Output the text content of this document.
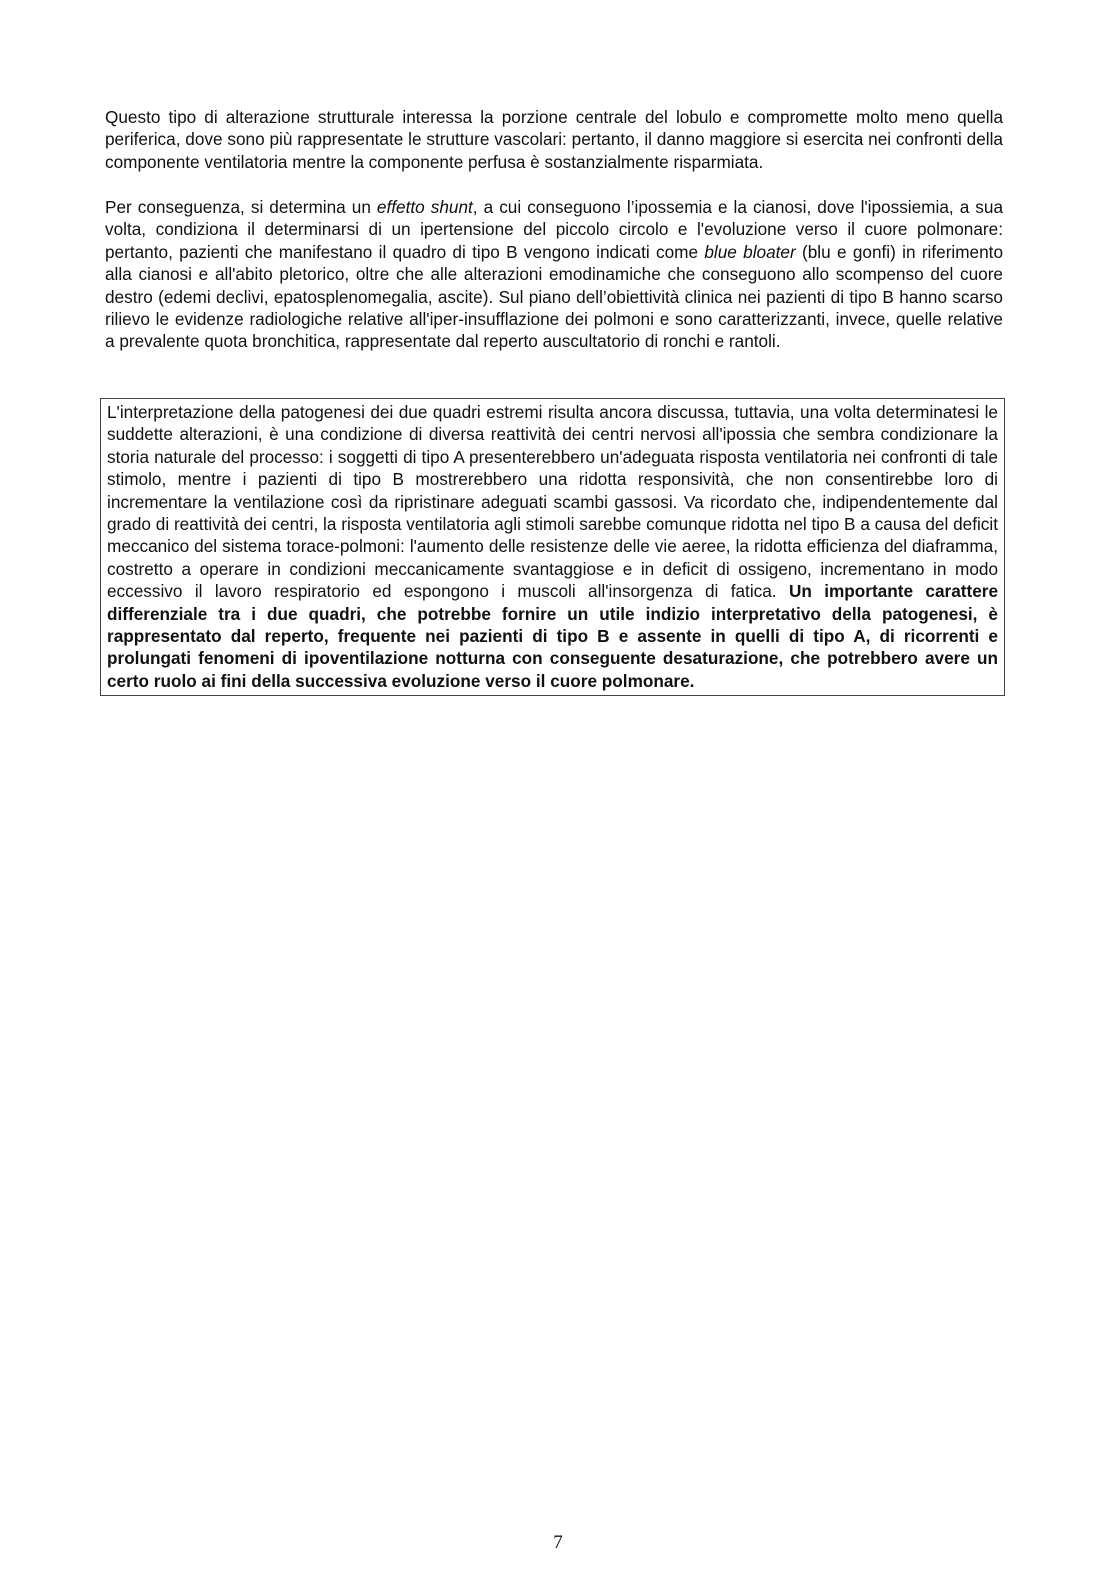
Questo tipo di alterazione strutturale interessa la porzione centrale del lobulo e compromette molto meno quella periferica, dove sono più rappresentate le strutture vascolari: pertanto, il danno maggiore si esercita nei confronti della componente ventilatoria mentre la componente perfusa è sostanzialmente risparmiata.

Per conseguenza, si determina un effetto shunt, a cui conseguono l’ipossemia e la cianosi, dove l'ipossiemia, a sua volta, condiziona il determinarsi di un ipertensione del piccolo circolo e l'evoluzione verso il cuore polmonare: pertanto, pazienti che manifestano il quadro di tipo B vengono indicati come blue bloater (blu e gonfi) in riferimento alla cianosi e all'abito pletorico, oltre che alle alterazioni emodinamiche che conseguono allo scompenso del cuore destro (edemi declivi, epatosplenomegalia, ascite). Sul piano dell’obiettività clinica nei pazienti di tipo B hanno scarso rilievo le evidenze radiologiche relative all'iper-insufflazione dei polmoni e sono caratterizzanti, invece, quelle relative a prevalente quota bronchitica, rappresentate dal reperto auscultatorio di ronchi e rantoli.

L'interpretazione della patogenesi dei due quadri estremi risulta ancora discussa, tuttavia, una volta determinatesi le suddette alterazioni, è una condizione di diversa reattività dei centri nervosi all'ipossia che sembra condizionare la storia naturale del processo: i soggetti di tipo A presenterebbero un'adeguata risposta ventilatoria nei confronti di tale stimolo, mentre i pazienti di tipo B mostrerebbero una ridotta responsività, che non consentirebbe loro di incrementare la ventilazione così da ripristinare adeguati scambi gassosi. Va ricordato che, indipendentemente dal grado di reattività dei centri, la risposta ventilatoria agli stimoli sarebbe comunque ridotta nel tipo B a causa del deficit meccanico del sistema torace-polmoni: l'aumento delle resistenze delle vie aeree, la ridotta efficienza del diaframma, costretto a operare in condizioni meccanicamente svantaggiose e in deficit di ossigeno, incrementano in modo eccessivo il lavoro respiratorio ed espongono i muscoli all'insorgenza di fatica. Un importante carattere differenziale tra i due quadri, che potrebbe fornire un utile indizio interpretativo della patogenesi, è rappresentato dal reperto, frequente nei pazienti di tipo B e assente in quelli di tipo A, di ricorrenti e prolungati fenomeni di ipoventilazione notturna con conseguente desaturazione, che potrebbero avere un certo ruolo ai fini della successiva evoluzione verso il cuore polmonare.

7
